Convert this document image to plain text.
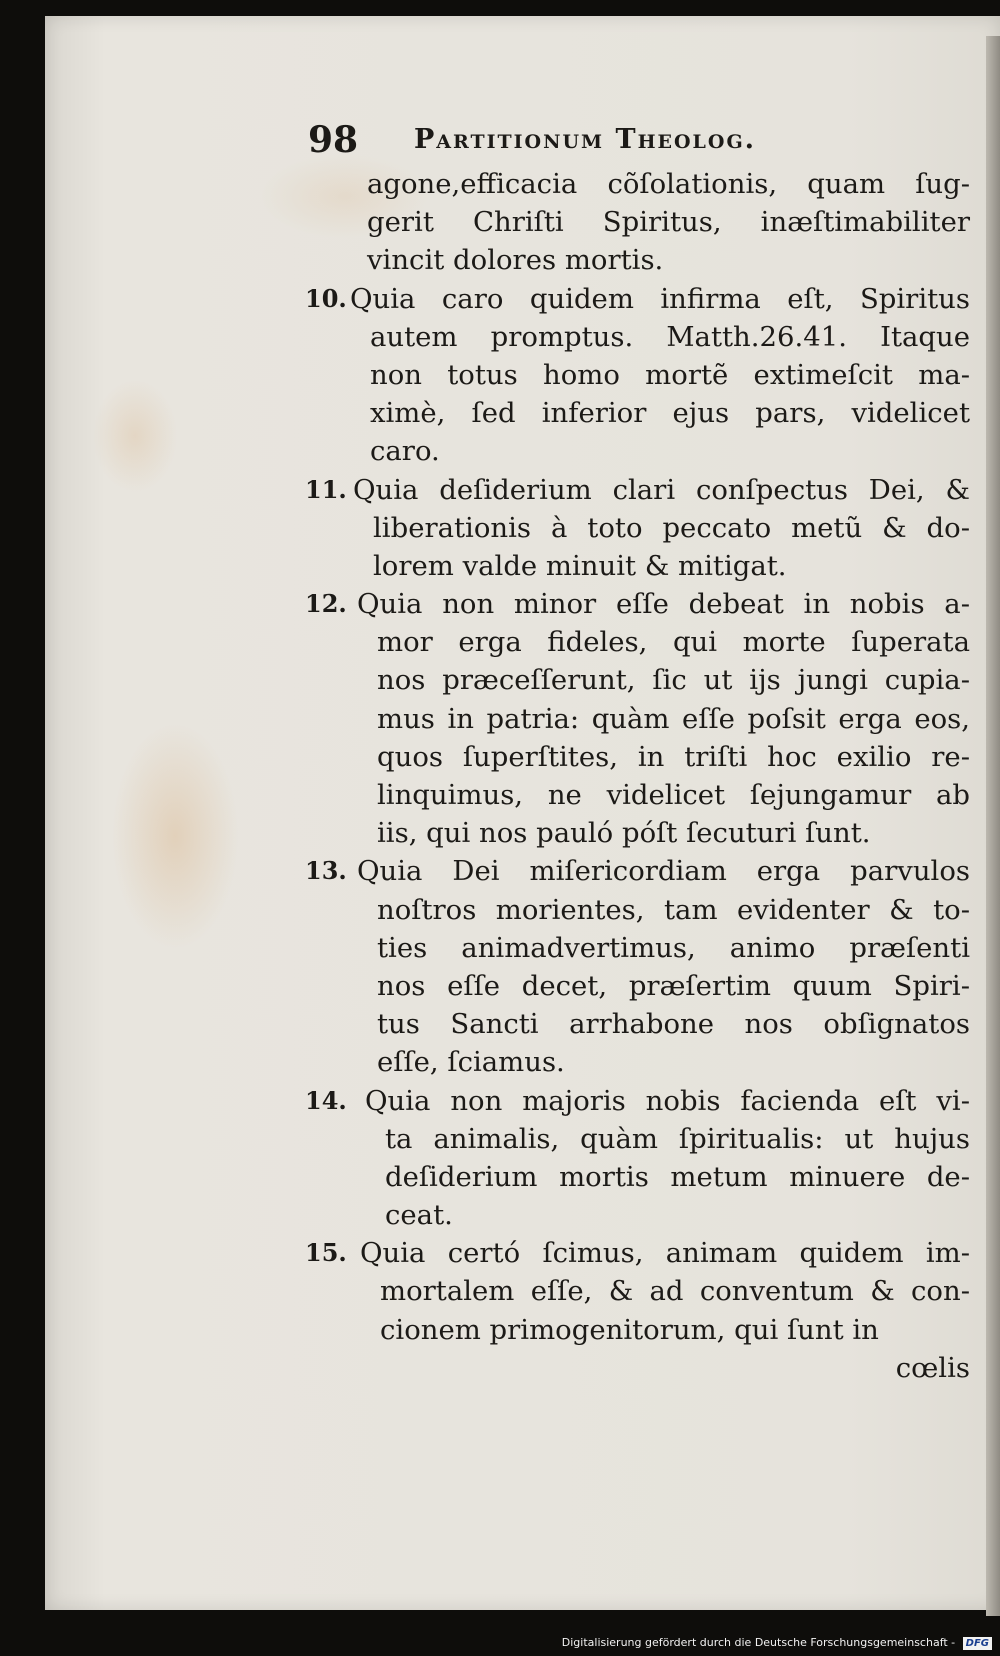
98 Partitionum Theolog.
agone,efficacia cõſolationis, quam ſug-
gerit Chriſti Spiritus, inæſtimabiliter
vincit dolores mortis.
10. Quia caro quidem infirma eſt, Spiritus
autem promptus. Matth.26.41. Itaque
non totus homo mortẽ extimeſcit ma-
ximè, ſed inferior ejus pars, videlicet
caro.
11. Quia deſiderium clari conſpectus Dei, &
liberationis à toto peccato metũ & do-
lorem valde minuit & mitigat.
12. Quia non minor eſſe debeat in nobis a-
mor erga fideles, qui morte ſuperata
nos præceſſerunt, ſic ut ijs jungi cupia-
mus in patria: quàm eſſe poſsit erga eos,
quos ſuperſtites, in triſti hoc exilio re-
linquimus, ne videlicet ſejungamur ab
iis, qui nos pauló póſt ſecuturi ſunt.
13. Quia Dei miſericordiam erga parvulos
noſtros morientes, tam evidenter & to-
ties animadvertimus, animo præſenti
nos eſſe decet, præſertim quum Spiri-
tus Sancti arrhabone nos obſignatos
eſſe, ſciamus.
14. Quia non majoris nobis facienda eſt vi-
ta animalis, quàm ſpiritualis: ut hujus
deſiderium mortis metum minuere de-
ceat.
15. Quia certó ſcimus, animam quidem im-
mortalem eſſe, & ad conventum & con-
cionem primogenitorum, qui ſunt in
cœlis
Digitalisierung gefördert durch die Deutsche Forschungsgemeinschaft - DFG
